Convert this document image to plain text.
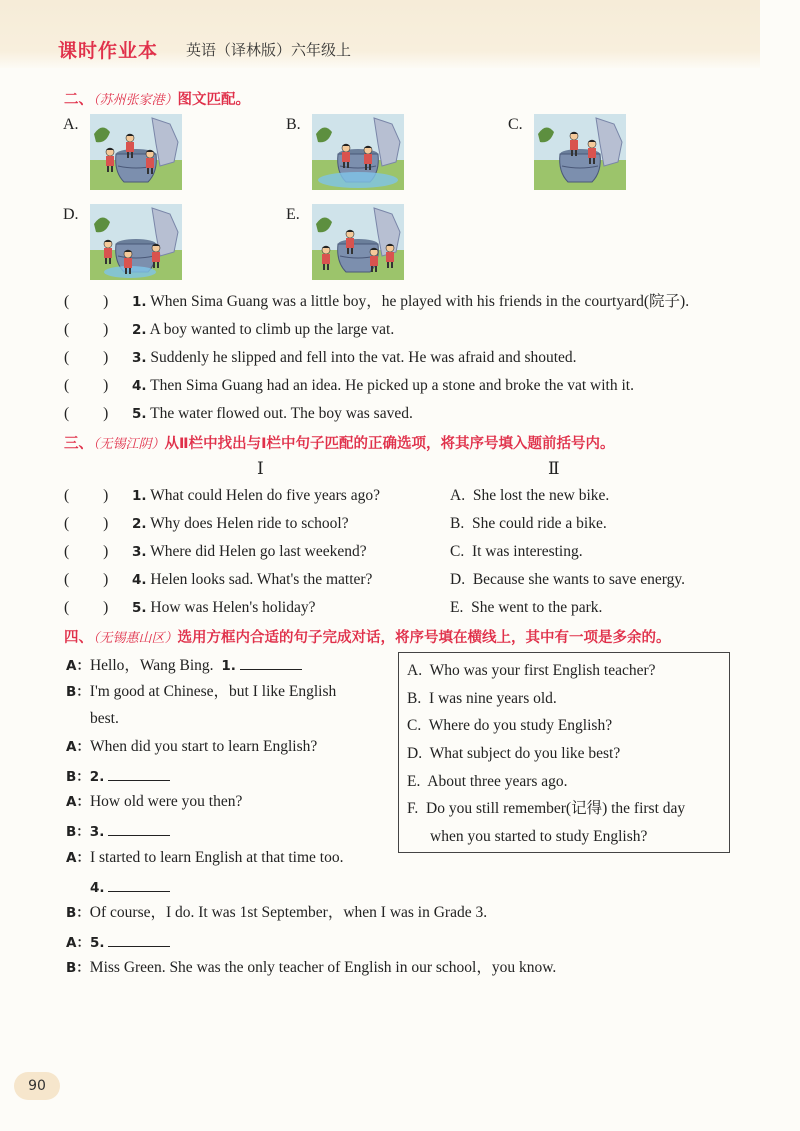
课时作业本 英语（译林版）六年级上
二、（苏州张家港）图文匹配。
A.	B.	C.
D.	E.
( ) 1. When Sima Guang was a little boy，he played with his friends in the courtyard(院子).
( ) 2. A boy wanted to climb up the large vat.
( ) 3. Suddenly he slipped and fell into the vat. He was afraid and shouted.
( ) 4. Then Sima Guang had an idea. He picked up a stone and broke the vat with it.
( ) 5. The water flowed out. The boy was saved.
三、（无锡江阴）从Ⅱ栏中找出与Ⅰ栏中句子匹配的正确选项，将其序号填入题前括号内。
Ⅰ	Ⅱ
( ) 1. What could Helen do five years ago?	A. She lost the new bike.
( ) 2. Why does Helen ride to school?	B. She could ride a bike.
( ) 3. Where did Helen go last weekend?	C. It was interesting.
( ) 4. Helen looks sad. What's the matter?	D. Because she wants to save energy.
( ) 5. How was Helen's holiday?	E. She went to the park.
四、（无锡惠山区）选用方框内合适的句子完成对话，将序号填在横线上，其中有一项是多余的。
A：Hello，Wang Bing. 1.
B：I'm good at Chinese，but I like English
best.
A：When did you start to learn English?
B：2.
A：How old were you then?
B：3.
A：I started to learn English at that time too.
4.
B：Of course，I do. It was 1st September，when I was in Grade 3.
A：5.
B：Miss Green. She was the only teacher of English in our school，you know.
A. Who was your first English teacher?
B. I was nine years old.
C. Where do you study English?
D. What subject do you like best?
E. About three years ago.
F. Do you still remember(记得) the first day
when you started to study English?
90
